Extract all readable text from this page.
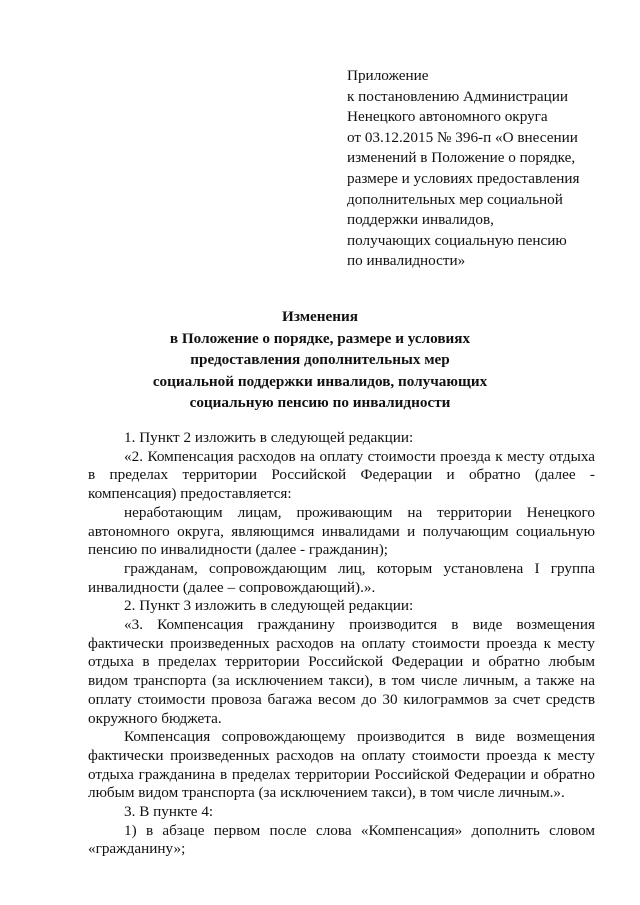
Приложение
к постановлению Администрации
Ненецкого автономного округа
от 03.12.2015 № 396-п «О внесении
изменений в Положение о порядке,
размере и условиях предоставления
дополнительных мер социальной
поддержки инвалидов,
получающих социальную пенсию
по инвалидности»
Изменения
в Положение о порядке, размере и условиях
предоставления дополнительных мер
социальной поддержки инвалидов, получающих
социальную пенсию по инвалидности

1. Пункт 2 изложить в следующей редакции:

«2. Компенсация расходов на оплату стоимости проезда к месту отдыха в пределах территории Российской Федерации и обратно (далее - компенсация) предоставляется:

неработающим лицам, проживающим на территории Ненецкого автономного округа, являющимся инвалидами и получающим социальную пенсию по инвалидности (далее - гражданин);

гражданам, сопровождающим лиц, которым установлена I группа инвалидности (далее – сопровождающий).».

2. Пункт 3 изложить в следующей редакции:

«3. Компенсация гражданину производится в виде возмещения фактически произведенных расходов на оплату стоимости проезда к месту отдыха в пределах территории Российской Федерации и обратно любым видом транспорта (за исключением такси), в том числе личным, а также на оплату стоимости провоза багажа весом до 30 килограммов за счет средств окружного бюджета.

Компенсация сопровождающему производится в виде возмещения фактически произведенных расходов на оплату стоимости проезда к месту отдыха гражданина в пределах территории Российской Федерации и обратно любым видом транспорта (за исключением такси), в том числе личным.».

3. В пункте 4:

1) в абзаце первом после слова «Компенсация» дополнить словом «гражданину»;
